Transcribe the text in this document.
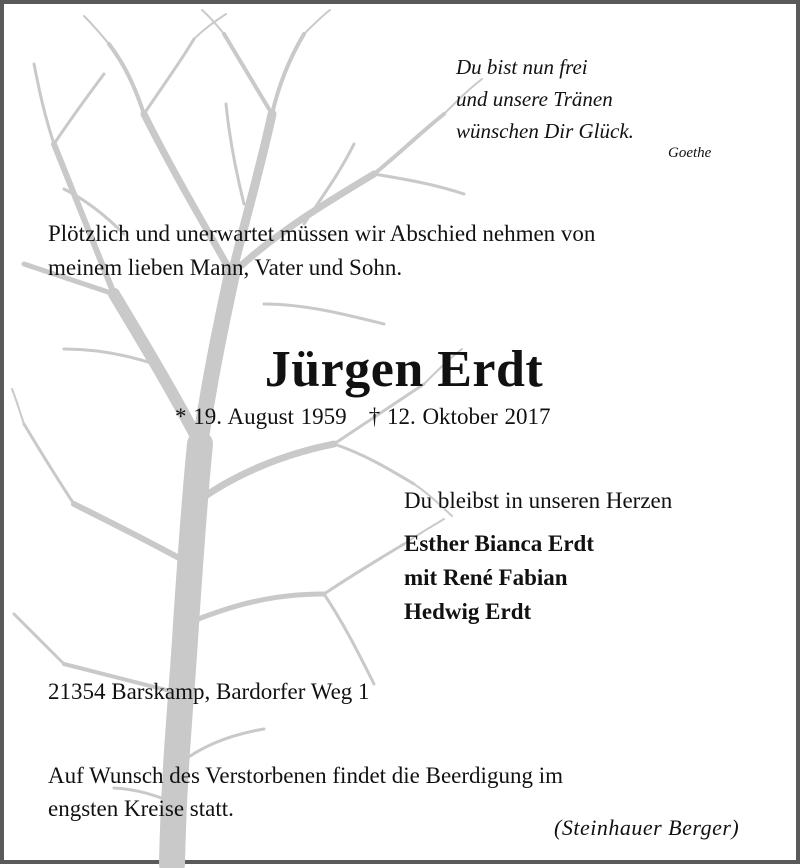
Du bist nun frei
und unsere Tränen
wünschen Dir Glück.
Goethe
Plötzlich und unerwartet müssen wir Abschied nehmen von
meinem lieben Mann, Vater und Sohn.
Jürgen Erdt
* 19. August 1959 † 12. Oktober 2017
Du bleibst in unseren Herzen
Esther Bianca Erdt
mit René Fabian
Hedwig Erdt
21354 Barskamp, Bardorfer Weg 1
Auf Wunsch des Verstorbenen findet die Beerdigung im
engsten Kreise statt.
(Steinhauer Berger)
